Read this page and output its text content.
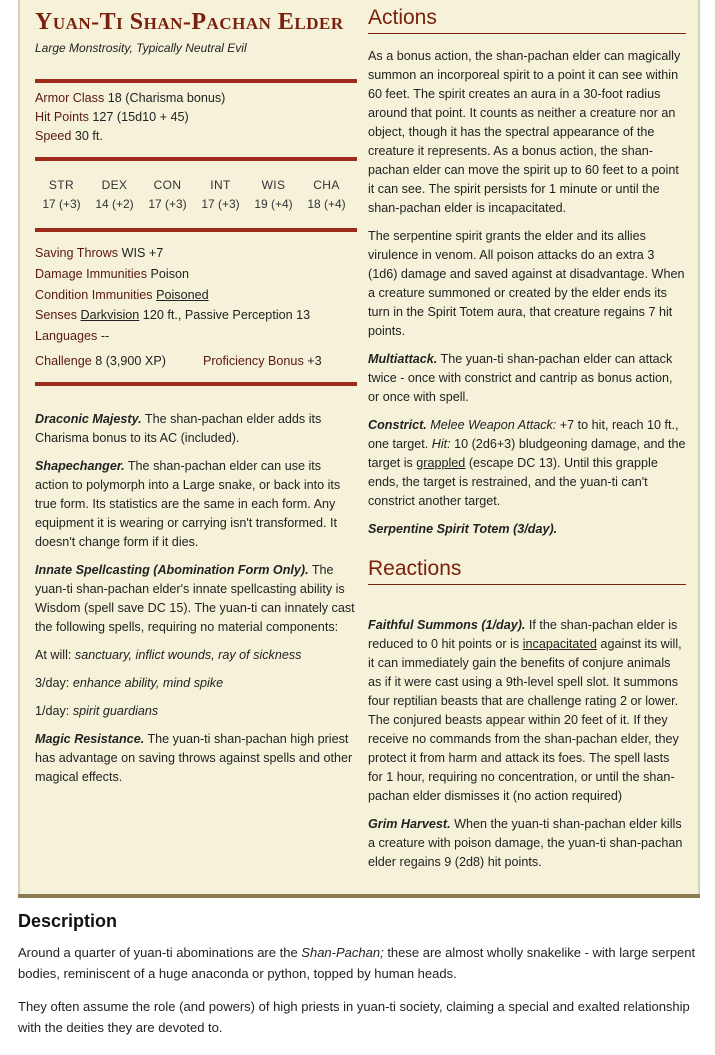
Yuan-Ti Shan-Pachan Elder
Large Monstrosity, Typically Neutral Evil
Armor Class 18 (Charisma bonus)
Hit Points 127 (15d10 + 45)
Speed 30 ft.
STR
17 (+3)
DEX
14 (+2)
CON
17 (+3)
INT
17 (+3)
WIS
19 (+4)
CHA
18 (+4)
Saving Throws WIS +7
Damage Immunities Poison
Condition Immunities Poisoned
Senses Darkvision 120 ft., Passive Perception 13
Languages --
Challenge 8 (3,900 XP)	Proficiency Bonus +3

Draconic Majesty. The shan-pachan elder adds its Charisma bonus to its AC (included).

Shapechanger. The shan-pachan elder can use its action to polymorph into a Large snake, or back into its true form. Its statistics are the same in each form. Any equipment it is wearing or carrying isn't transformed. It doesn't change form if it dies.

Innate Spellcasting (Abomination Form Only). The yuan-ti shan-pachan elder's innate spellcasting ability is Wisdom (spell save DC 15). The yuan-ti can innately cast the following spells, requiring no material components:

At will: sanctuary, inflict wounds, ray of sickness

3/day: enhance ability, mind spike

1/day: spirit guardians

Magic Resistance. The yuan-ti shan-pachan high priest has advantage on saving throws against spells and other magical effects.

Actions

As a bonus action, the shan-pachan elder can magically summon an incorporeal spirit to a point it can see within 60 feet. The spirit creates an aura in a 30-foot radius around that point. It counts as neither a creature nor an object, though it has the spectral appearance of the creature it represents. As a bonus action, the shan-pachan elder can move the spirit up to 60 feet to a point it can see. The spirit persists for 1 minute or until the shan-pachan elder is incapacitated.

The serpentine spirit grants the elder and its allies virulence in venom. All poison attacks do an extra 3 (1d6) damage and saved against at disadvantage. When a creature summoned or created by the elder ends its turn in the Spirit Totem aura, that creature regains 7 hit points.

Multiattack. The yuan-ti shan-pachan elder can attack twice - once with constrict and cantrip as bonus action, or once with spell.

Constrict. Melee Weapon Attack: +7 to hit, reach 10 ft., one target. Hit: 10 (2d6+3) bludgeoning damage, and the target is grappled (escape DC 13). Until this grapple ends, the target is restrained, and the yuan-ti can't constrict another target.

Serpentine Spirit Totem (3/day).

Reactions

Faithful Summons (1/day). If the shan-pachan elder is reduced to 0 hit points or is incapacitated against its will, it can immediately gain the benefits of conjure animals as if it were cast using a 9th-level spell slot. It summons four reptilian beasts that are challenge rating 2 or lower. The conjured beasts appear within 20 feet of it. If they receive no commands from the shan-pachan elder, they protect it from harm and attack its foes. The spell lasts for 1 hour, requiring no concentration, or until the shan-pachan elder dismisses it (no action required)

Grim Harvest. When the yuan-ti shan-pachan elder kills a creature with poison damage, the yuan-ti shan-pachan elder regains 9 (2d8) hit points.

Description

Around a quarter of yuan-ti abominations are the Shan-Pachan; these are almost wholly snakelike - with large serpent bodies, reminiscent of a huge anaconda or python, topped by human heads.

They often assume the role (and powers) of high priests in yuan-ti society, claiming a special and exalted relationship with the deities they are devoted to.
